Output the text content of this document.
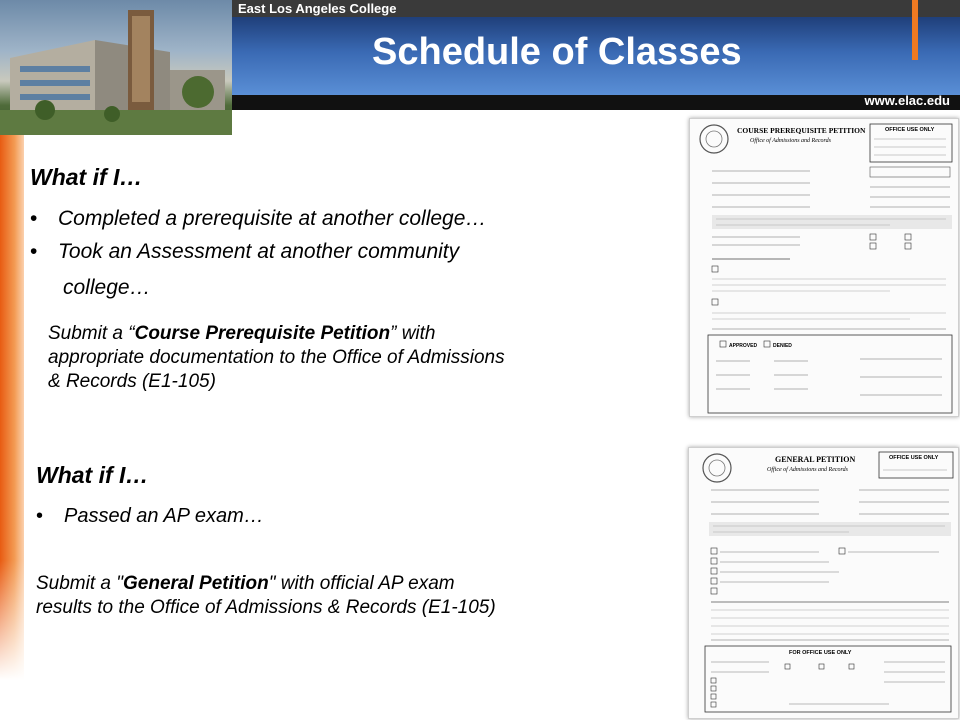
East Los Angeles College
Schedule of Classes
www.elac.edu
What if I…
• Completed a prerequisite at another college…
• Took an Assessment at another community
college…
Submit a “Course Prerequisite Petition” with
appropriate documentation to the Office of Admissions
& Records (E1-105)
COURSE PREREQUISITE PETITION
Office of Admissions and Records
OFFICE USE ONLY
APPROVED	DENIED
What if I…
• Passed an AP exam…
Submit a "General Petition" with official AP exam
results to the Office of Admissions & Records (E1-105)
GENERAL PETITION
Office of Admissions and Records
OFFICE USE ONLY
FOR OFFICE USE ONLY
